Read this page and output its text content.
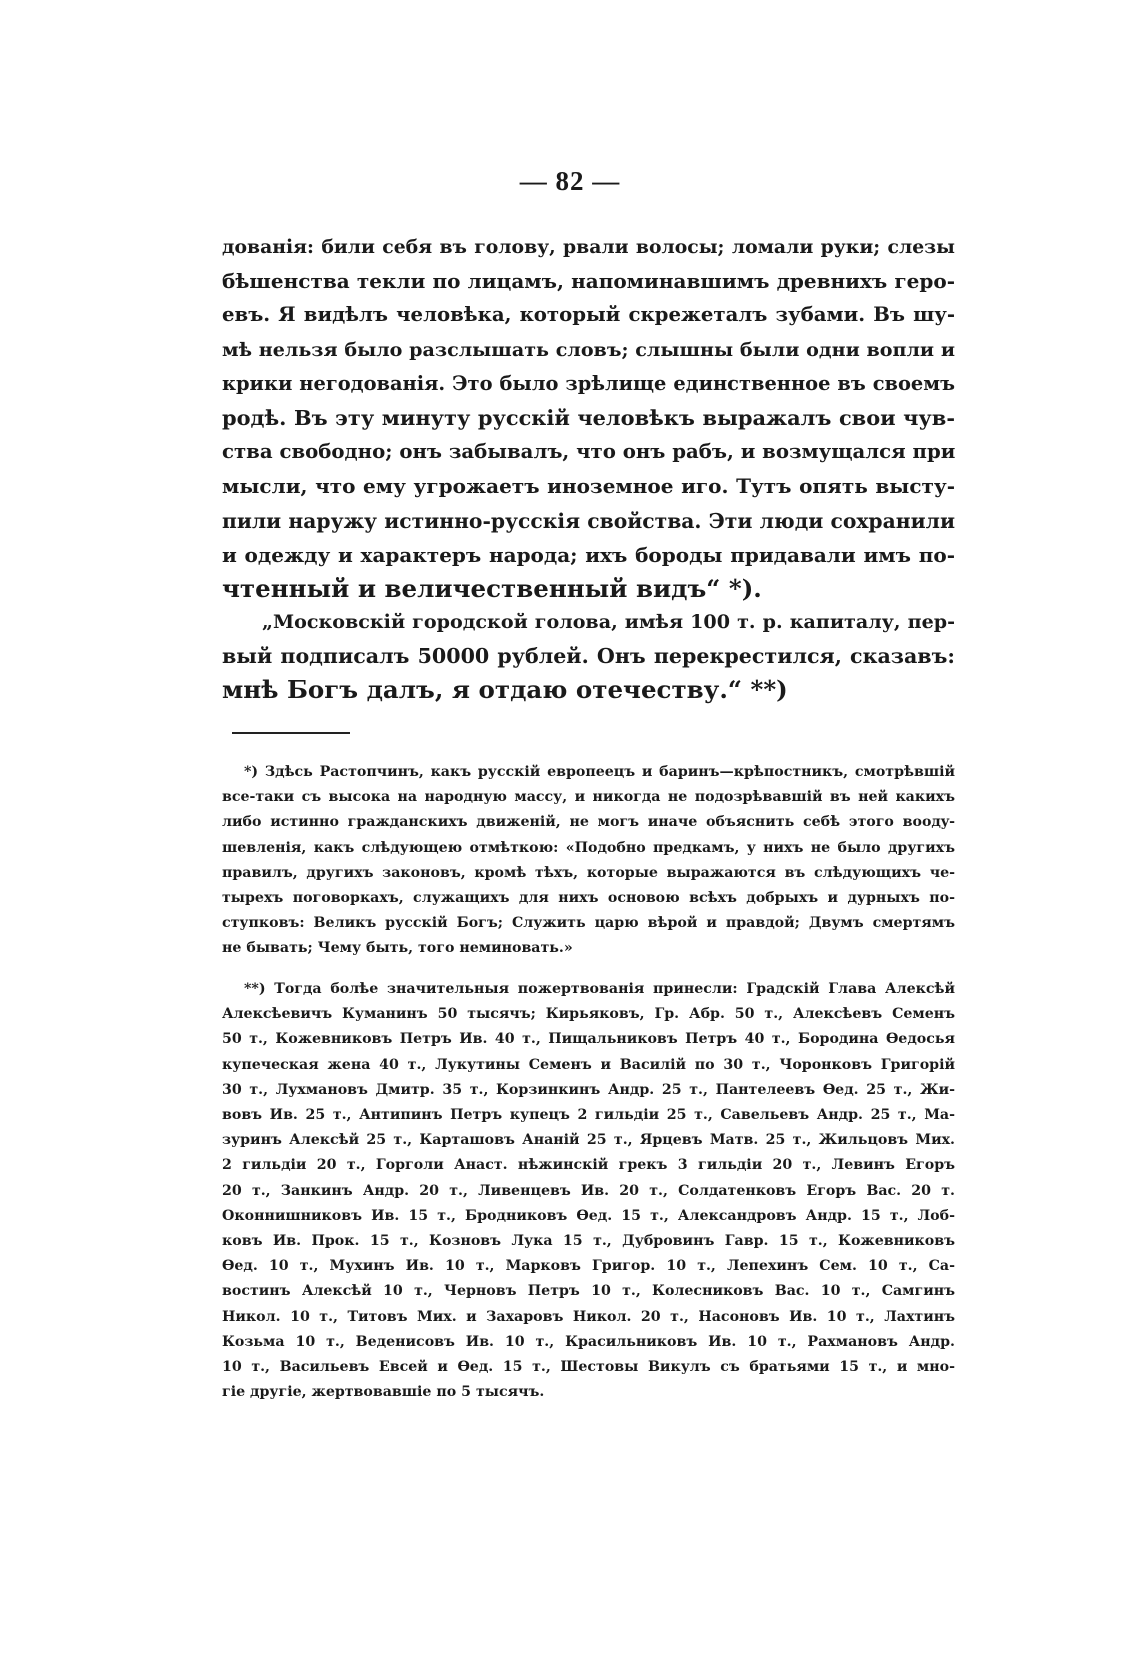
— 82 —
дованія: били себя въ голову, рвали волосы; ломали руки; слезы
бѣшенства текли по лицамъ, напоминавшимъ древнихъ геро-
евъ. Я видѣлъ человѣка, который скрежеталъ зубами. Въ шу-
мѣ нельзя было разслышать словъ; слышны были одни вопли и
крики негодованія. Это было зрѣлище единственное въ своемъ
родѣ. Въ эту минуту русскій человѣкъ выражалъ свои чув-
ства свободно; онъ забывалъ, что онъ рабъ, и возмущался при
мысли, что ему угрожаетъ иноземное иго. Тутъ опять высту-
пили наружу истинно-русскія свойства. Эти люди сохранили
и одежду и характеръ народа; ихъ бороды придавали имъ по-
чтенный и величественный видъ“ *).
„Московскій городской голова, имѣя 100 т. р. капиталу, пер-
вый подписалъ 50000 рублей. Онъ перекрестился, сказавъ:
мнѣ Богъ далъ, я отдаю отечеству.“ **)
*) Здѣсь Растопчинъ, какъ русскій европеецъ и баринъ—крѣпостникъ, смотрѣвшій
все-таки съ высока на народную массу, и никогда не подозрѣвавшій въ ней какихъ
либо истинно гражданскихъ движеній, не могъ иначе объяснить себѣ этого воодy-
шевленія, какъ слѣдующею отмѣткою: «Подобно предкамъ, у нихъ не было другихъ
правилъ, другихъ законовъ, кромѣ тѣхъ, которые выражаются въ слѣдующихъ че-
тырехъ поговоркахъ, служащихъ для нихъ основою всѣхъ добрыхъ и дурныхъ по-
ступковъ: Великъ русскій Богъ; Служить царю вѣрой и правдой; Двумъ смертямъ
не бывать; Чему быть, того неминовать.»
**) Тогда болѣе значительныя пожертвованія принесли: Градскій Глава Алексѣй
Алексѣевичъ Куманинъ 50 тысячъ; Кирьяковъ, Гр. Абр. 50 т., Алексѣевъ Семенъ
50 т., Кожевниковъ Петръ Ив. 40 т., Пищальниковъ Петръ 40 т., Бородина Ѳедосья
купеческая жена 40 т., Лукутины Семенъ и Василій по 30 т., Чоронковъ Григорій
30 т., Лухмановъ Дмитр. 35 т., Корзинкинъ Андр. 25 т., Пантелеевъ Ѳед. 25 т., Жи-
вовъ Ив. 25 т., Антипинъ Петръ купецъ 2 гильдіи 25 т., Савельевъ Андр. 25 т., Ма-
зуринъ Алексѣй 25 т., Карташовъ Ананій 25 т., Ярцевъ Матв. 25 т., Жильцовъ Мих.
2 гильдіи 20 т., Горголи Анаст. нѣжинскій грекъ 3 гильдіи 20 т., Левинъ Егоръ
20 т., Занкинъ Андр. 20 т., Ливенцевъ Ив. 20 т., Солдатенковъ Егоръ Вас. 20 т.
Оконнишниковъ Ив. 15 т., Бродниковъ Ѳед. 15 т., Александровъ Андр. 15 т., Лоб-
ковъ Ив. Прок. 15 т., Козновъ Лука 15 т., Дубровинъ Гавр. 15 т., Кожевниковъ
Ѳед. 10 т., Мухинъ Ив. 10 т., Марковъ Григор. 10 т., Лепехинъ Сем. 10 т., Са-
востинъ Алексѣй 10 т., Черновъ Петръ 10 т., Колесниковъ Вас. 10 т., Самгинъ
Никол. 10 т., Титовъ Мих. и Захаровъ Никол. 20 т., Насоновъ Ив. 10 т., Лахтинъ
Козьма 10 т., Веденисовъ Ив. 10 т., Красильниковъ Ив. 10 т., Рахмановъ Андр.
10 т., Васильевъ Евсей и Ѳед. 15 т., Шестовы Викулъ съ братьями 15 т., и мно-
гіе другіе, жертвовавшіе по 5 тысячъ.
